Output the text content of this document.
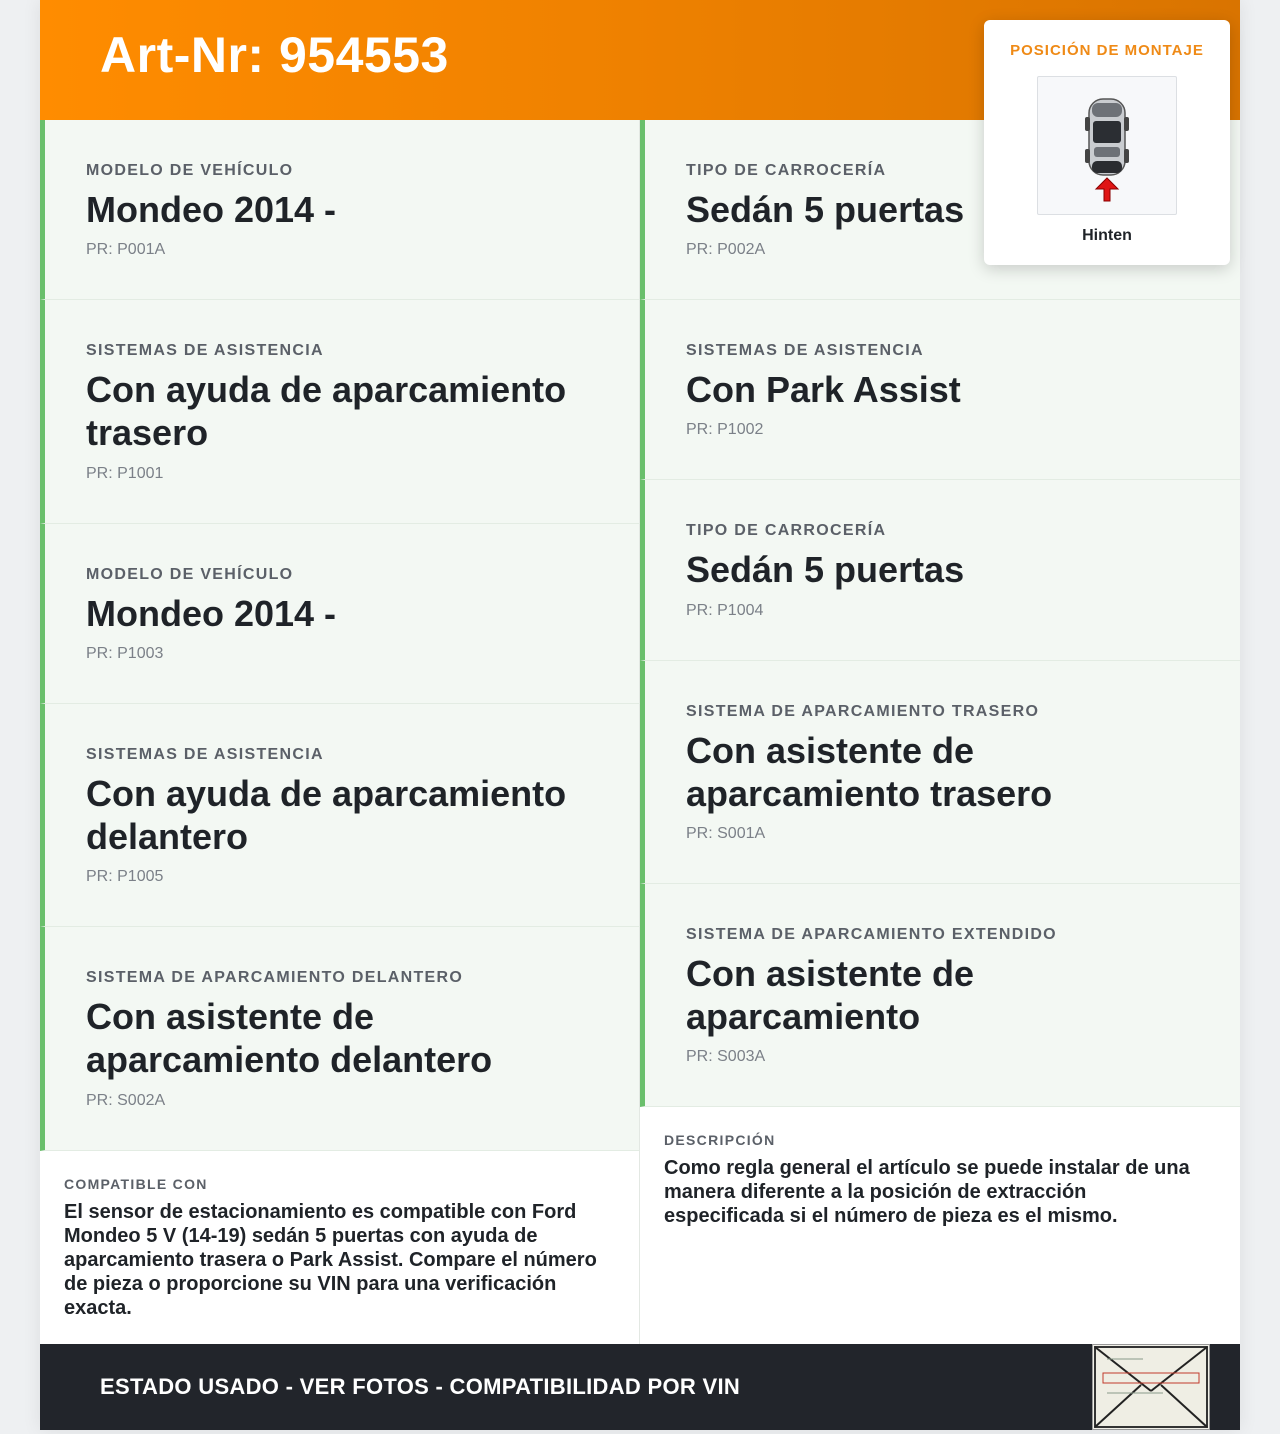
Art-Nr: 954553	POSICIÓN DE MONTAJE
Hinten
MODELO DE VEHÍCULO
Mondeo 2014 -
PR: P001A
SISTEMAS DE ASISTENCIA
Con ayuda de aparcamiento trasero
PR: P1001
MODELO DE VEHÍCULO
Mondeo 2014 -
PR: P1003
SISTEMAS DE ASISTENCIA
Con ayuda de aparcamiento delantero
PR: P1005
SISTEMA DE APARCAMIENTO DELANTERO
Con asistente de aparcamiento delantero
PR: S002A
TIPO DE CARROCERÍA
Sedán 5 puertas
PR: P002A
SISTEMAS DE ASISTENCIA
Con Park Assist
PR: P1002
TIPO DE CARROCERÍA
Sedán 5 puertas
PR: P1004
SISTEMA DE APARCAMIENTO TRASERO
Con asistente de aparcamiento trasero
PR: S001A
SISTEMA DE APARCAMIENTO EXTENDIDO
Con asistente de aparcamiento
PR: S003A
COMPATIBLE CON
El sensor de estacionamiento es compatible con Ford Mondeo 5 V (14-19) sedán 5 puertas con ayuda de aparcamiento trasera o Park Assist. Compare el número de pieza o proporcione su VIN para una verificación exacta.
DESCRIPCIÓN
Como regla general el artículo se puede instalar de una manera diferente a la posición de extracción especificada si el número de pieza es el mismo.
ESTADO USADO - VER FOTOS - COMPATIBILIDAD POR VIN
